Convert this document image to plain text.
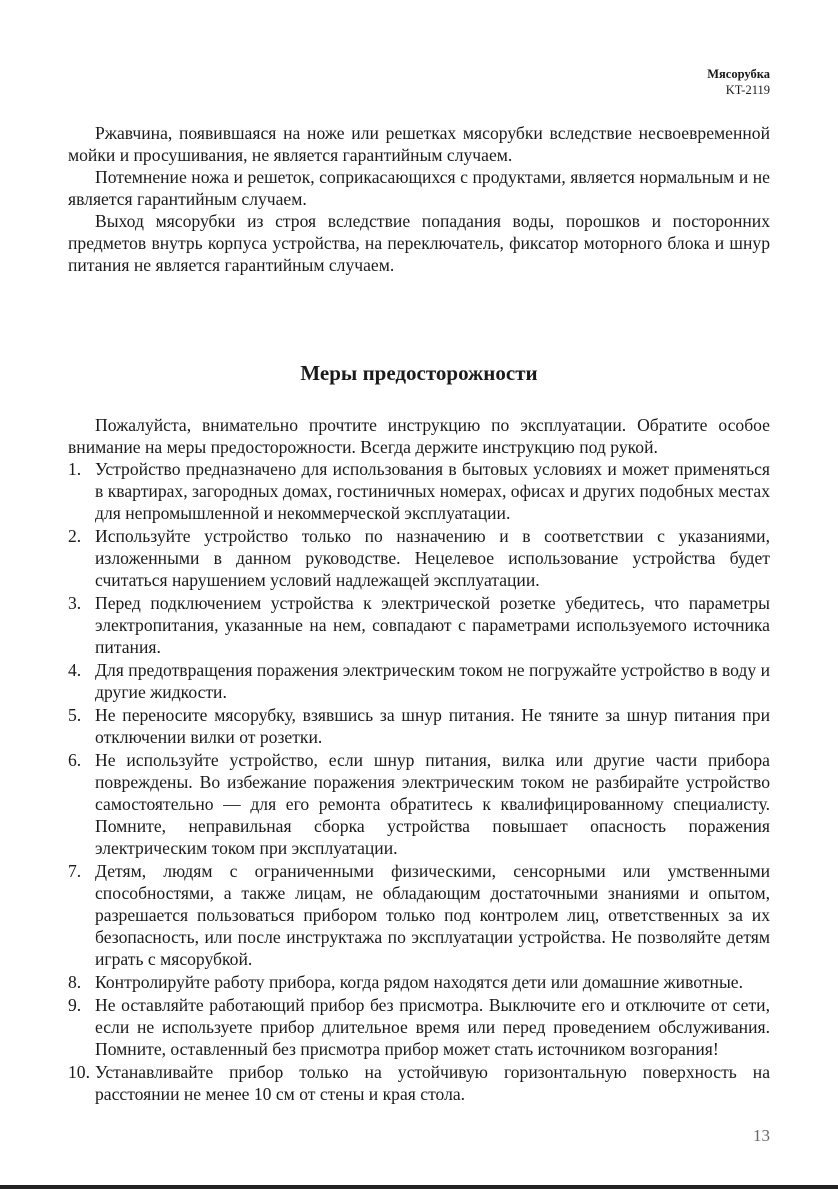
Мясорубка
KT-2119

Ржавчина, появившаяся на ноже или решетках мясорубки вследствие несвоевременной мойки и просушивания, не является гарантийным случаем.

Потемнение ножа и решеток, соприкасающихся с продуктами, является нормальным и не является гарантийным случаем.

Выход мясорубки из строя вследствие попадания воды, порошков и посторонних предметов внутрь корпуса устройства, на переключатель, фиксатор моторного блока и шнур питания не является гарантийным случаем.

Меры предосторожности

Пожалуйста, внимательно прочтите инструкцию по эксплуатации. Обратите особое внимание на меры предосторожности. Всегда держите инструкцию под рукой.

1. Устройство предназначено для использования в бытовых условиях и может применяться в квартирах, загородных домах, гостиничных номерах, офисах и других подобных местах для непромышленной и некоммерческой эксплуатации.
2. Используйте устройство только по назначению и в соответствии с указаниями, изложенными в данном руководстве. Нецелевое использование устройства будет считаться нарушением условий надлежащей эксплуатации.
3. Перед подключением устройства к электрической розетке убедитесь, что параметры электропитания, указанные на нем, совпадают с параметрами используемого источника питания.
4. Для предотвращения поражения электрическим током не погружайте устройство в воду и другие жидкости.
5. Не переносите мясорубку, взявшись за шнур питания. Не тяните за шнур питания при отключении вилки от розетки.
6. Не используйте устройство, если шнур питания, вилка или другие части прибора повреждены. Во избежание поражения электрическим током не разбирайте устройство самостоятельно — для его ремонта обратитесь к квалифицированному специалисту. Помните, неправильная сборка устройства повышает опасность поражения электрическим током при эксплуатации.
7. Детям, людям с ограниченными физическими, сенсорными или умственными способностями, а также лицам, не обладающим достаточными знаниями и опытом, разрешается пользоваться прибором только под контролем лиц, ответственных за их безопасность, или после инструктажа по эксплуатации устройства. Не позволяйте детям играть с мясорубкой.
8. Контролируйте работу прибора, когда рядом находятся дети или домашние животные.
9. Не оставляйте работающий прибор без присмотра. Выключите его и отключите от сети, если не используете прибор длительное время или перед проведением обслуживания. Помните, оставленный без присмотра прибор может стать источником возгорания!
10. Устанавливайте прибор только на устойчивую горизонтальную поверхность на расстоянии не менее 10 см от стены и края стола.
13
